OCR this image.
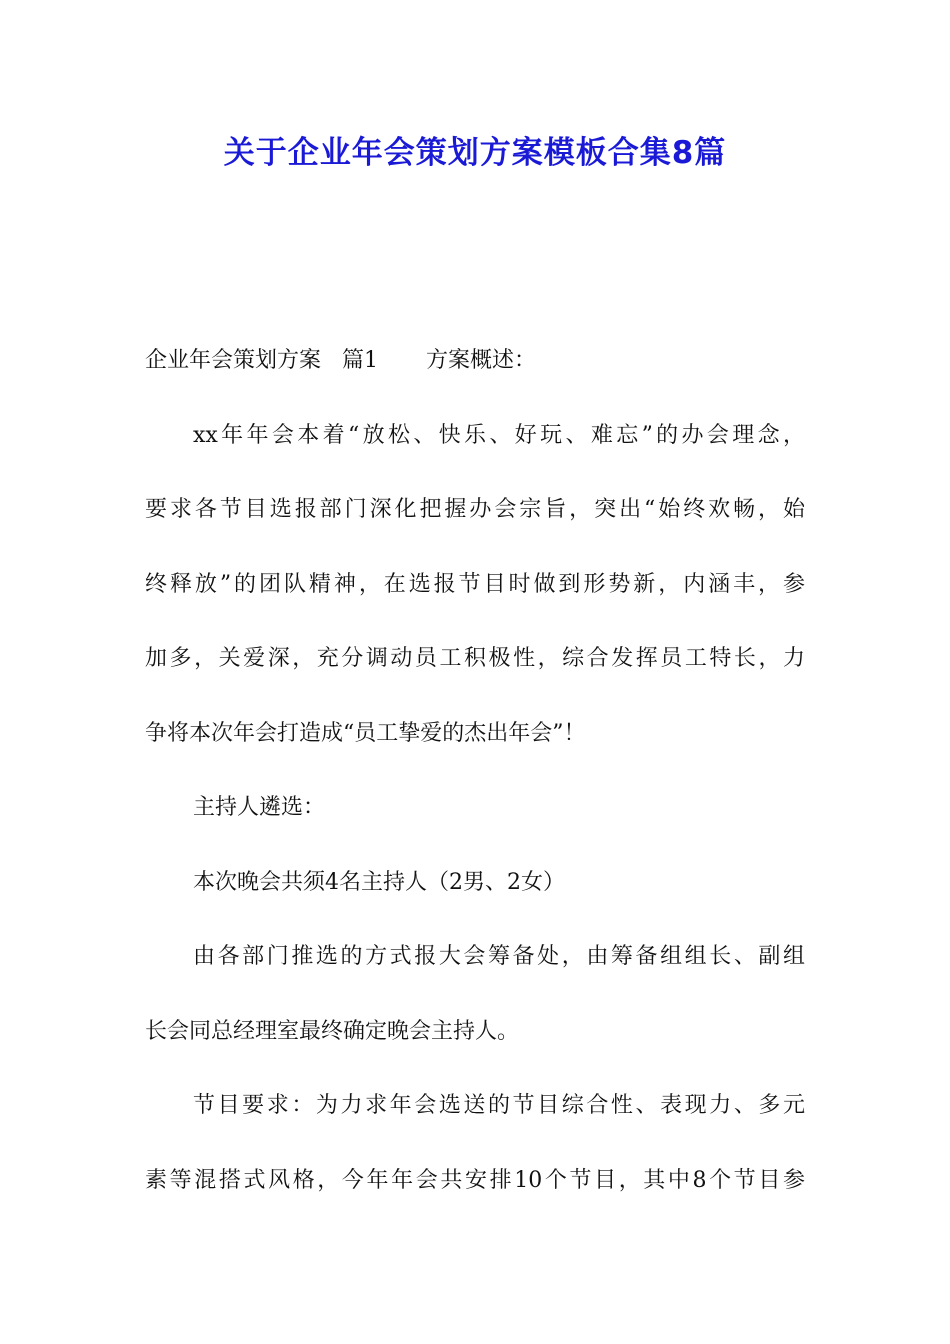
关于企业年会策划方案模板合集8篇
企业年会策划方案 篇1 方案概述：
xx年年会本着“放松、快乐、好玩、难忘”的办会理念，
要求各节目选报部门深化把握办会宗旨，突出“始终欢畅，始
终释放”的团队精神，在选报节目时做到形势新，内涵丰，参
加多，关爱深，充分调动员工积极性，综合发挥员工特长，力
争将本次年会打造成“员工挚爱的杰出年会”！
主持人遴选：
本次晚会共须4名主持人（2男、2女）
由各部门推选的方式报大会筹备处，由筹备组组长、副组
长会同总经理室最终确定晚会主持人。
节目要求：为力求年会选送的节目综合性、表现力、多元
素等混搭式风格，今年年会共安排10个节目，其中8个节目参
